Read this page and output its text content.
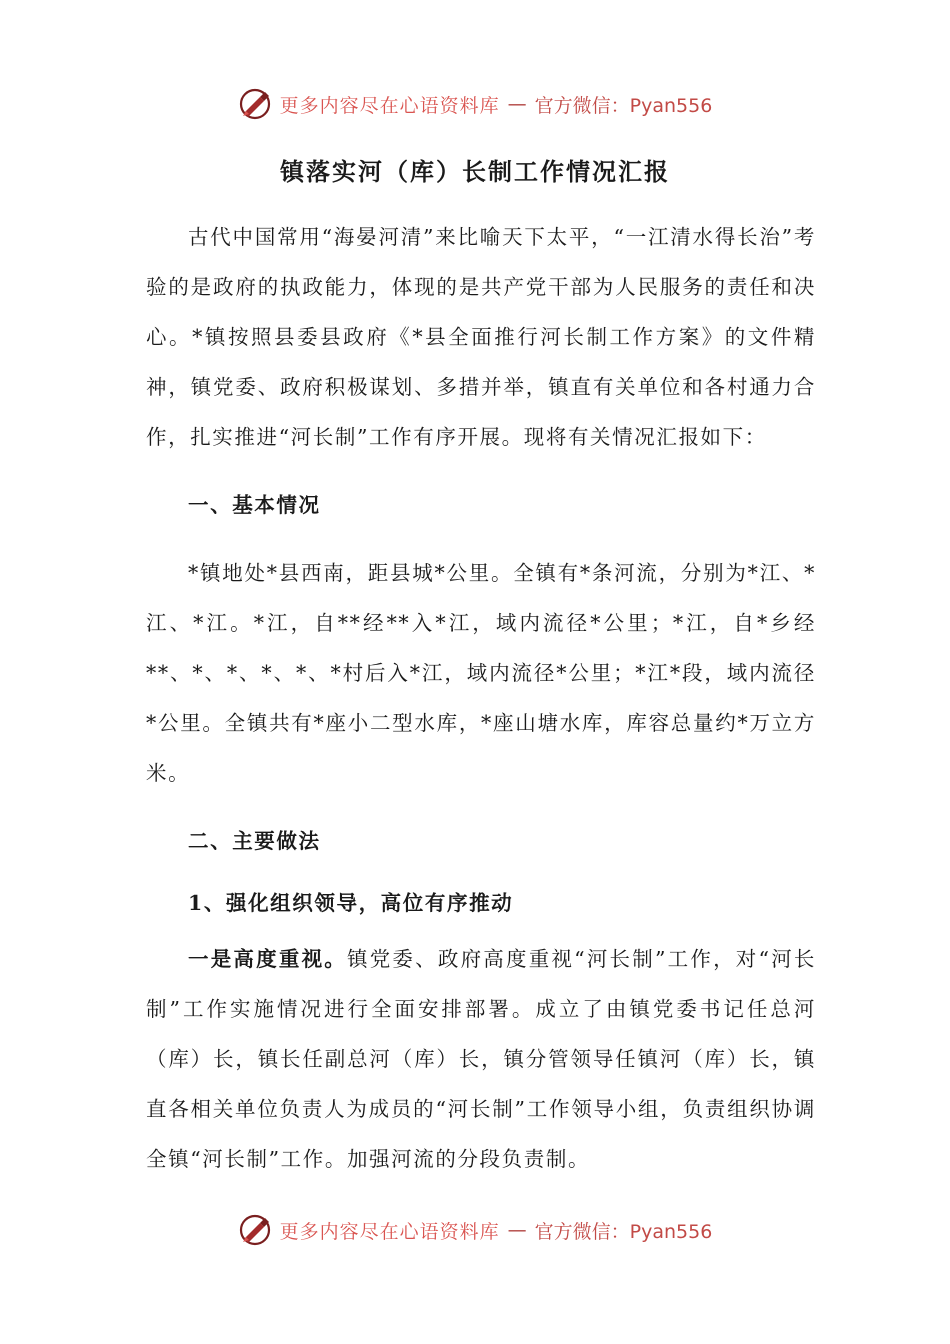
更多内容尽在心语资料库 — 官方微信：Pyan556
镇落实河（库）长制工作情况汇报

古代中国常用“海晏河清”来比喻天下太平，“一江清水得长治”考验的是政府的执政能力，体现的是共产党干部为人民服务的责任和决心。*镇按照县委县政府《*县全面推行河长制工作方案》的文件精神，镇党委、政府积极谋划、多措并举，镇直有关单位和各村通力合作，扎实推进“河长制”工作有序开展。现将有关情况汇报如下：

一、基本情况

*镇地处*县西南，距县城*公里。全镇有*条河流，分别为*江、*江、*江。*江，自**经**入*江，域内流径*公里；*江，自*乡经**、*、*、*、*、*村后入*江，域内流径*公里；*江*段，域内流径*公里。全镇共有*座小二型水库，*座山塘水库，库容总量约*万立方米。

二、主要做法
1、强化组织领导，高位有序推动

一是高度重视。镇党委、政府高度重视“河长制”工作，对“河长制”工作实施情况进行全面安排部署。成立了由镇党委书记任总河（库）长，镇长任副总河（库）长，镇分管领导任镇河（库）长，镇直各相关单位负责人为成员的“河长制”工作领导小组，负责组织协调全镇“河长制”工作。加强河流的分段负责制。

更多内容尽在心语资料库 — 官方微信：Pyan556
